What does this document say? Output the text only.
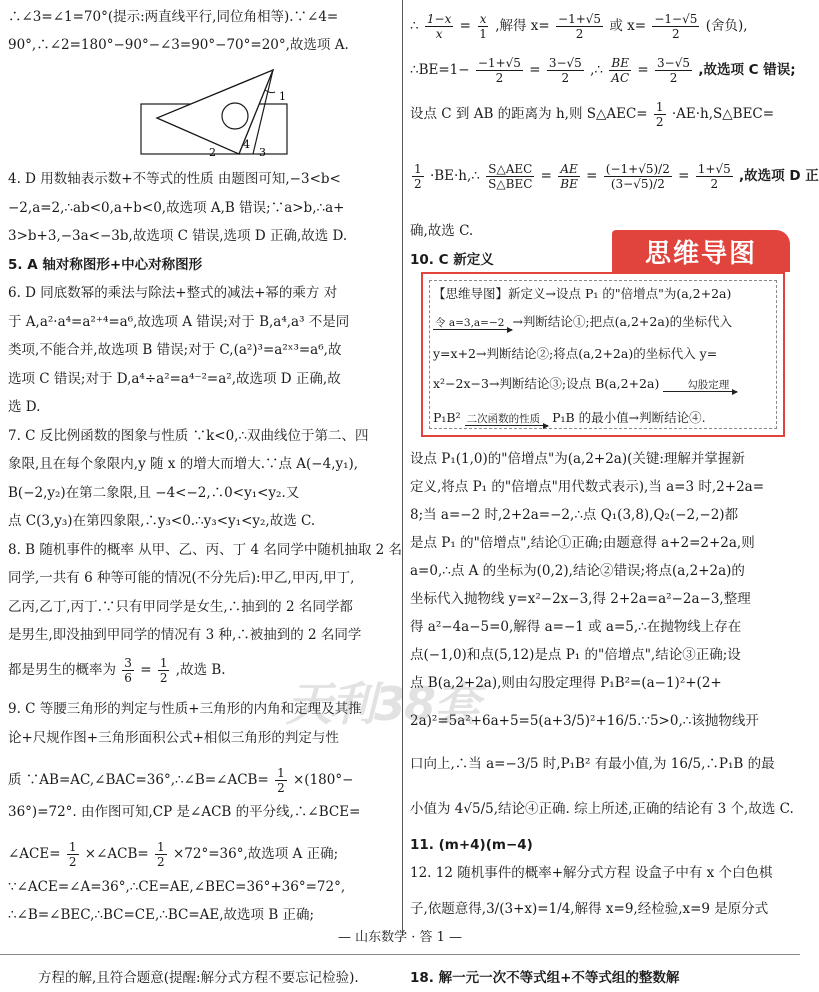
∴∠3=∠1=70°(提示:两直线平行,同位角相等).∵∠4=
90°,∴∠2=180°−90°−∠3=90°−70°=20°,故选项 A.
1
2
4
3
4. D 用数轴表示数+不等式的性质 由题图可知,−3<b<
−2,a=2,∴ab<0,a+b<0,故选项 A,B 错误;∵a>b,∴a+
3>b+3,−3a<−3b,故选项 C 错误,选项 D 正确,故选 D.
5. A 轴对称图形+中心对称图形
6. D 同底数幂的乘法与除法+整式的减法+幂的乘方 对
于 A,a²·a⁴=a²⁺⁴=a⁶,故选项 A 错误;对于 B,a⁴,a³ 不是同
类项,不能合并,故选项 B 错误;对于 C,(a²)³=a²ˣ³=a⁶,故
选项 C 错误;对于 D,a⁴÷a²=a⁴⁻²=a²,故选项 D 正确,故
选 D.
7. C 反比例函数的图象与性质 ∵k<0,∴双曲线位于第二、四
象限,且在每个象限内,y 随 x 的增大而增大.∵点 A(−4,y₁),
B(−2,y₂)在第二象限,且 −4<−2,∴0<y₁<y₂.又
点 C(3,y₃)在第四象限,∴y₃<0.∴y₃<y₁<y₂,故选 C.
8. B 随机事件的概率 从甲、乙、丙、丁 4 名同学中随机抽取 2 名
同学,一共有 6 种等可能的情况(不分先后):甲乙,甲丙,甲丁,
乙丙,乙丁,丙丁.∵只有甲同学是女生,∴抽到的 2 名同学都
是男生,即没抽到甲同学的情况有 3 种,∴被抽到的 2 名同学
都是男生的概率为 $\frac{3}{6} = \frac{1}{2}$ ,故选 B.
9. C 等腰三角形的判定与性质+三角形的内角和定理及其推
论+尺规作图+三角形面积公式+相似三角形的判定与性
质 ∵AB=AC,∠BAC=36°,∴∠B=∠ACB= $\frac{1}{2} \times(180^\circ-$
36°)=72°. 由作图可知,CP 是∠ACB 的平分线,∴∠BCE=
∠ACE= $\frac{1}{2}$ ×∠ACB= $\frac{1}{2} \times 72^\circ=36^\circ$,故选项 A 正确;
∵∠ACE=∠A=36°,∴CE=AE,∠BEC=36°+36°=72°,
∴∠B=∠BEC,∴BC=CE,∴BC=AE,故选项 B 正确;
∴ $\frac{1-x}{x} = \frac{x}{1}$ ,解得 $x= \frac{-1+√5}{2}$ 或 $x= \frac{-1-√5}{2}$ (舍负),
∴BE=1− $\frac{-1+√5}{2} = \frac{3-√5}{2}$ ,∴ $\frac{BE}{AC} = \frac{3-√5}{2}$ ,故选项 C 错误;
设点 C 到 AB 的距离为 h,则 S△AEC= $\frac{1}{2}$ ·AE·h,S△BEC=
$\frac{1}{2}$ ·BE·h,∴ $\frac{\text{S△AEC}}{\text{S△BEC}} = \frac{AE}{BE} = \frac{(-1+√5)/2}{(3-√5)/2} = \frac{1+√5}{2}$ ,故选项 D 正
确,故选 C.
10. C 新定义	思维导图
【思维导图】新定义→设点 P₁ 的"倍增点"为(a,2+2a)
令 a=3,a=−2 →判断结论①;把点(a,2+2a)的坐标代入
y=x+2→判断结论②;将点(a,2+2a)的坐标代入 y=
x²−2x−3→判断结论③;设点 B(a,2+2a)	勾股定理
P₁B² 二次函数的性质 P₁B 的最小值→判断结论④.
设点 P₁(1,0)的"倍增点"为(a,2+2a)(关键:理解并掌握新
定义,将点 P₁ 的"倍增点"用代数式表示),当 a=3 时,2+2a=
8;当 a=−2 时,2+2a=−2,∴点 Q₁(3,8),Q₂(−2,−2)都
是点 P₁ 的"倍增点",结论①正确;由题意得 a+2=2+2a,则
a=0,∴点 A 的坐标为(0,2),结论②错误;将点(a,2+2a)的
坐标代入抛物线 y=x²−2x−3,得 2+2a=a²−2a−3,整理
得 a²−4a−5=0,解得 a=−1 或 a=5,∴在抛物线上存在
点(−1,0)和点(5,12)是点 P₁ 的"倍增点",结论③正确;设
点 B(a,2+2a),则由勾股定理得 P₁B²=(a−1)²+(2+
2a)²=5a²+6a+5=5(a+3/5)²+16/5.∵5>0,∴该抛物线开
口向上,∴当 a=−3/5 时,P₁B² 有最小值,为 16/5,∴P₁B 的最
小值为 4√5/5,结论④正确. 综上所述,正确的结论有 3 个,故选 C.
11. (m+4)(m−4)
12. 12 随机事件的概率+解分式方程 设盒子中有 x 个白色棋
子,依题意得,3/(3+x)=1/4,解得 x=9,经检验,x=9 是原分式
天利38套
— 山东数学 · 答 1 —
方程的解,且符合题意(提醒:解分式方程不要忘记检验).	18. 解一元一次不等式组+不等式组的整数解
